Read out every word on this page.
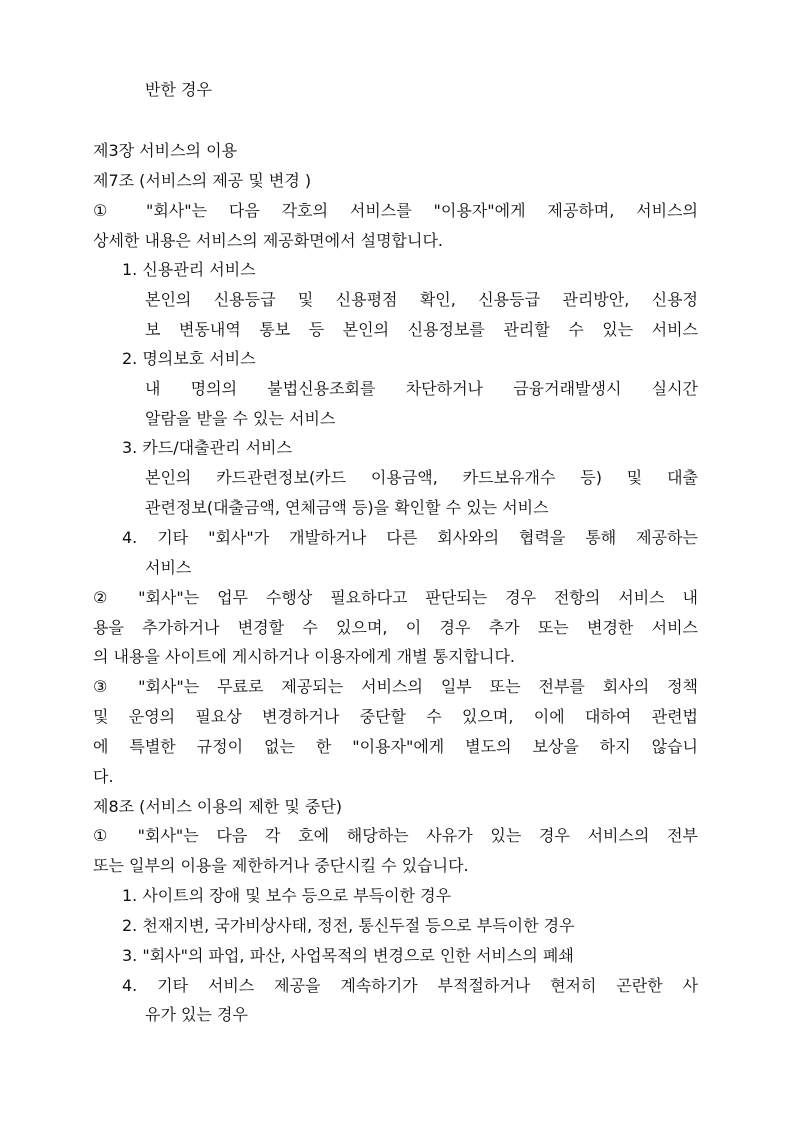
반한 경우
제3장 서비스의 이용
제7조 (서비스의 제공 및 변경 )
① "회사"는 다음 각호의 서비스를 "이용자"에게 제공하며, 서비스의
상세한 내용은 서비스의 제공화면에서 설명합니다.
1. 신용관리 서비스
본인의 신용등급 및 신용평점 확인, 신용등급 관리방안, 신용정
보 변동내역 통보 등 본인의 신용정보를 관리할 수 있는 서비스
2. 명의보호 서비스
내 명의의 불법신용조회를 차단하거나 금융거래발생시 실시간
알람을 받을 수 있는 서비스
3. 카드/대출관리 서비스
본인의 카드관련정보(카드 이용금액, 카드보유개수 등) 및 대출
관련정보(대출금액, 연체금액 등)을 확인할 수 있는 서비스
4. 기타 "회사"가 개발하거나 다른 회사와의 협력을 통해 제공하는
서비스
② "회사"는 업무 수행상 필요하다고 판단되는 경우 전항의 서비스 내
용을 추가하거나 변경할 수 있으며, 이 경우 추가 또는 변경한 서비스
의 내용을 사이트에 게시하거나 이용자에게 개별 통지합니다.
③ "회사"는 무료로 제공되는 서비스의 일부 또는 전부를 회사의 정책
및 운영의 필요상 변경하거나 중단할 수 있으며, 이에 대하여 관련법
에 특별한 규정이 없는 한 "이용자"에게 별도의 보상을 하지 않습니
다.
제8조 (서비스 이용의 제한 및 중단)
① "회사"는 다음 각 호에 해당하는 사유가 있는 경우 서비스의 전부
또는 일부의 이용을 제한하거나 중단시킬 수 있습니다.
1. 사이트의 장애 및 보수 등으로 부득이한 경우
2. 천재지변, 국가비상사태, 정전, 통신두절 등으로 부득이한 경우
3. "회사"의 파업, 파산, 사업목적의 변경으로 인한 서비스의 폐쇄
4. 기타 서비스 제공을 계속하기가 부적절하거나 현저히 곤란한 사
유가 있는 경우
